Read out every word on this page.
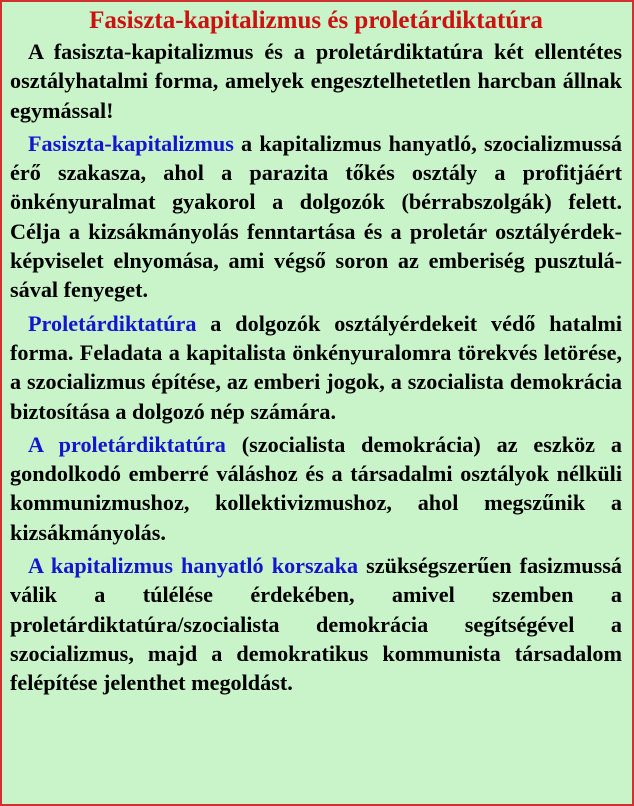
Fasiszta-kapitalizmus és proletárdiktatúra

A fasiszta-kapitalizmus és a proletárdiktatúra két ellentétes osztályhatalmi forma, amelyek engesztelhetetlen harcban állnak egymással!

Fasiszta-kapitalizmus a kapitalizmus hanyatló, szocializmussá érő szakasza, ahol a parazita tőkés osztály a profitjáért önkényuralmat gyakorol a dolgozók (bérrabszolgák) felett. Célja a kizsákmányolás fenntartása és a proletár osztályérdek-képviselet elnyomása, ami végső soron az emberiség pusztulásával fenyeget.

Proletárdiktatúra a dolgozók osztályérdekeit védő hatalmi forma. Feladata a kapitalista önkényuralomra törekvés letörése, a szocializmus építése, az emberi jogok, a szocialista demokrácia biztosítása a dolgozó nép számára.

A proletárdiktatúra (szocialista demokrácia) az eszköz a gondolkodó emberré váláshoz és a társadalmi osztályok nélküli kommunizmushoz, kollektivizmushoz, ahol megszűnik a kizsákmányolás.

A kapitalizmus hanyatló korszaka szükségszerűen fasizmussá válik a túlélése érdekében, amivel szemben a proletárdiktatúra/szocialista demokrácia segítségével a szocializmus, majd a demokratikus kommunista társadalom felépítése jelenthet megoldást.
